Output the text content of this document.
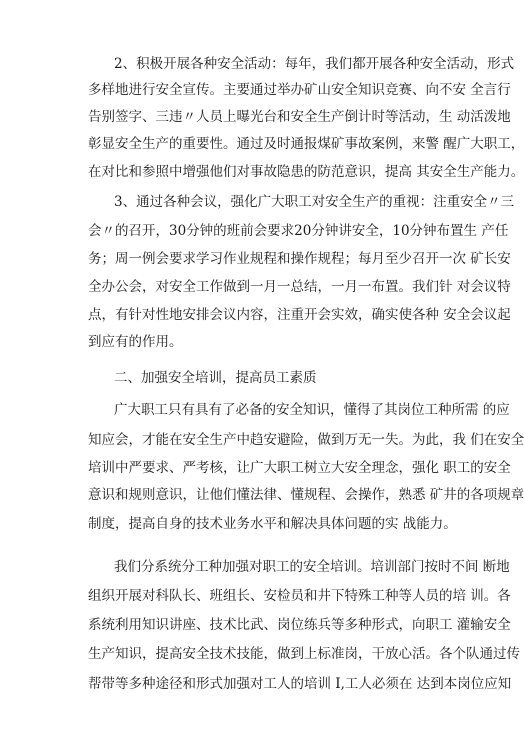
2、积极开展各种安全活动：每年，我们都开展各种安全活动，形式
多样地进行安全宣传。主要通过举办矿山安全知识竞赛、向不安 全言行
告别签字、三违〃人员上曝光台和安全生产倒计时等活动，生 动活泼地
彰显安全生产的重要性。通过及时通报煤矿事故案例，来警 醒广大职工，
在对比和参照中增强他们对事故隐患的防范意识，提高 其安全生产能力。
3、通过各种会议，强化广大职工对安全生产的重视：注重安全〃三
会〃的召开，30分钟的班前会要求20分钟讲安全，10分钟布置生 产任
务；周一例会要求学习作业规程和操作规程；每月至少召开一次 矿长安
全办公会，对安全工作做到一月一总结，一月一布置。我们针 对会议特
点，有针对性地安排会议内容，注重开会实效，确实使各种 安全会议起
到应有的作用。
二、加强安全培训，提高员工素质
广大职工只有具有了必备的安全知识，懂得了其岗位工种所需 的应
知应会，才能在安全生产中趋安避险，做到万无一失。为此，我 们在安全
培训中严要求、严考核，让广大职工树立大安全理念，强化 职工的安全
意识和规则意识，让他们懂法律、懂规程、会操作，熟悉 矿井的各项规章
制度，提高自身的技术业务水平和解决具体问题的实 战能力。
我们分系统分工种加强对职工的安全培训。培训部门按时不间 断地
组织开展对科队长、班组长、安检员和井下特殊工种等人员的培 训。各
系统利用知识讲座、技术比武、岗位练兵等多种形式，向职工 灌输安全
生产知识，提高安全技术技能，做到上标准岗，干放心活。各个队通过传
帮带等多种途径和形式加强对工人的培训 I,工人必须在 达到本岗位应知
